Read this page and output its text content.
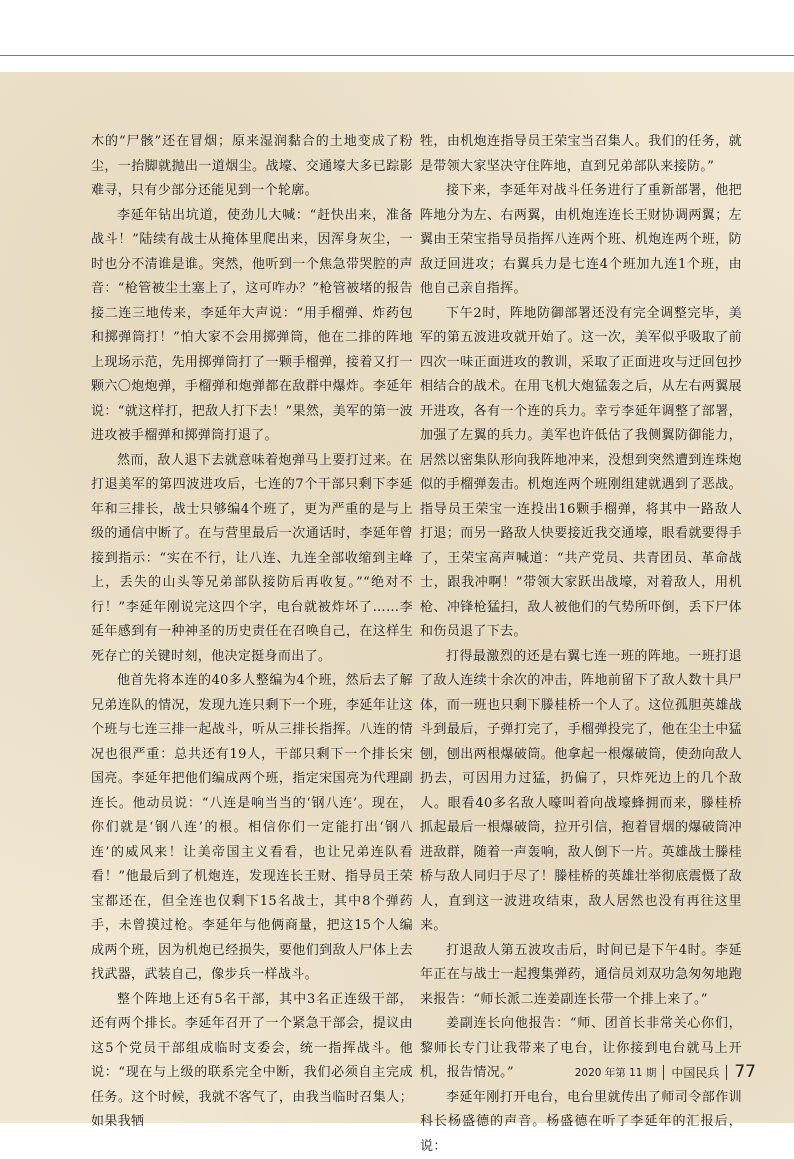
木的“尸骸”还在冒烟；原来湿润黏合的土地变成了粉尘，一抬脚就抛出一道烟尘。战壕、交通壕大多已踪影难寻，只有少部分还能见到一个轮廓。

李延年钻出坑道，使劲儿大喊：“赶快出来，准备战斗！”陆续有战士从掩体里爬出来，因浑身灰尘，一时也分不清谁是谁。突然，他听到一个焦急带哭腔的声音：“枪管被尘土塞上了，这可咋办？”枪管被堵的报告接二连三地传来，李延年大声说：“用手榴弹、炸药包和掷弹筒打！”怕大家不会用掷弹筒，他在二排的阵地上现场示范，先用掷弹筒打了一颗手榴弹，接着又打一颗六〇炮炮弹，手榴弹和炮弹都在敌群中爆炸。李延年说：“就这样打，把敌人打下去！”果然，美军的第一波进攻被手榴弹和掷弹筒打退了。

然而，敌人退下去就意味着炮弹马上要打过来。在打退美军的第四波进攻后，七连的7个干部只剩下李延年和三排长，战士只够编4个班了，更为严重的是与上级的通信中断了。在与营里最后一次通话时，李延年曾接到指示：“实在不行，让八连、九连全部收缩到主峰上，丢失的山头等兄弟部队接防后再收复。”“绝对不行！”李延年刚说完这四个字，电台就被炸坏了……李延年感到有一种神圣的历史责任在召唤自己，在这样生死存亡的关键时刻，他决定挺身而出了。

他首先将本连的40多人整编为4个班，然后去了解兄弟连队的情况，发现九连只剩下一个班，李延年让这个班与七连三排一起战斗，听从三排长指挥。八连的情况也很严重：总共还有19人，干部只剩下一个排长宋国亮。李延年把他们编成两个班，指定宋国亮为代理副连长。他动员说：“八连是响当当的‘钢八连’。现在，你们就是‘钢八连’的根。相信你们一定能打出‘钢八连’的威风来！让美帝国主义看看，也让兄弟连队看看！”他最后到了机炮连，发现连长王财、指导员王荣宝都还在，但全连也仅剩下15名战士，其中8个弹药手，未曾摸过枪。李延年与他俩商量，把这15个人编成两个班，因为机炮已经损失，要他们到敌人尸体上去找武器，武装自己，像步兵一样战斗。

整个阵地上还有5名干部，其中3名正连级干部，还有两个排长。李延年召开了一个紧急干部会，提议由这5个党员干部组成临时支委会，统一指挥战斗。他说：“现在与上级的联系完全中断，我们必须自主完成任务。这个时候，我就不客气了，由我当临时召集人；如果我牺

牲，由机炮连指导员王荣宝当召集人。我们的任务，就是带领大家坚决守住阵地，直到兄弟部队来接防。”

接下来，李延年对战斗任务进行了重新部署，他把阵地分为左、右两翼，由机炮连连长王财协调两翼；左翼由王荣宝指导员指挥八连两个班、机炮连两个班，防敌迂回进攻；右翼兵力是七连4个班加九连1个班，由他自己亲自指挥。

下午2时，阵地防御部署还没有完全调整完毕，美军的第五波进攻就开始了。这一次，美军似乎吸取了前四次一味正面进攻的教训，采取了正面进攻与迂回包抄相结合的战术。在用飞机大炮猛轰之后，从左右两翼展开进攻，各有一个连的兵力。幸亏李延年调整了部署，加强了左翼的兵力。美军也许低估了我侧翼防御能力，居然以密集队形向我阵地冲来，没想到突然遭到连珠炮似的手榴弹轰击。机炮连两个班刚组建就遇到了恶战。指导员王荣宝一连投出16颗手榴弹，将其中一路敌人打退；而另一路敌人快要接近我交通壕，眼看就要得手了，王荣宝高声喊道：“共产党员、共青团员、革命战士，跟我冲啊！”带领大家跃出战壕，对着敌人，用机枪、冲锋枪猛扫，敌人被他们的气势所吓倒，丢下尸体和伤员退了下去。

打得最激烈的还是右翼七连一班的阵地。一班打退了敌人连续十余次的冲击，阵地前留下了敌人数十具尸体，而一班也只剩下滕桂桥一个人了。这位孤胆英雄战斗到最后，子弹打完了，手榴弹投完了，他在尘土中猛刨，刨出两根爆破筒。他拿起一根爆破筒，使劲向敌人扔去，可因用力过猛，扔偏了，只炸死边上的几个敌人。眼看40多名敌人嚎叫着向战壕蜂拥而来，滕桂桥抓起最后一根爆破筒，拉开引信，抱着冒烟的爆破筒冲进敌群，随着一声轰响，敌人倒下一片。英雄战士滕桂桥与敌人同归于尽了！滕桂桥的英雄壮举彻底震慑了敌人，直到这一波进攻结束，敌人居然也没有再往这里来。

打退敌人第五波攻击后，时间已是下午4时。李延年正在与战士一起搜集弹药，通信员刘双功急匆匆地跑来报告：“师长派二连姜副连长带一个排上来了。”

姜副连长向他报告：“师、团首长非常关心你们，黎师长专门让我带来了电台，让你接到电台就马上开机，报告情况。”

李延年刚打开电台，电台里就传出了师司令部作训科长杨盛德的声音。杨盛德在听了李延年的汇报后，说：

2020 年第 11 期 中国民兵 77
